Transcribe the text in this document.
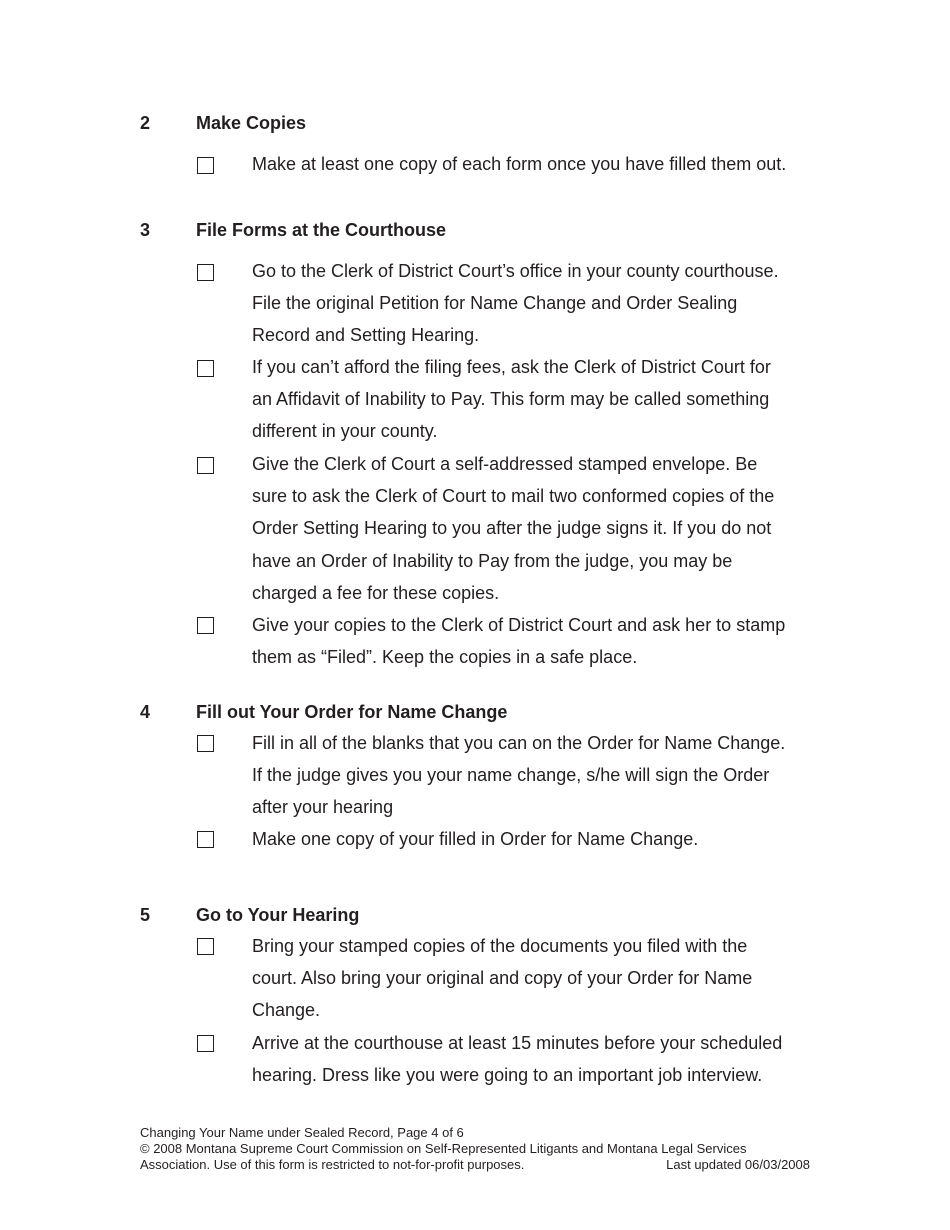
2	Make Copies
Make at least one copy of each form once you have filled them out.
3	File Forms at the Courthouse
Go to the Clerk of District Court’s office in your county courthouse.
File the original Petition for Name Change and Order Sealing
Record and Setting Hearing.
If you can’t afford the filing fees, ask the Clerk of District Court for
an Affidavit of Inability to Pay. This form may be called something
different in your county.
Give the Clerk of Court a self-addressed stamped envelope. Be
sure to ask the Clerk of Court to mail two conformed copies of the
Order Setting Hearing to you after the judge signs it. If you do not
have an Order of Inability to Pay from the judge, you may be
charged a fee for these copies.
Give your copies to the Clerk of District Court and ask her to stamp
them as “Filed”. Keep the copies in a safe place.
4	Fill out Your Order for Name Change
Fill in all of the blanks that you can on the Order for Name Change.
If the judge gives you your name change, s/he will sign the Order
after your hearing
Make one copy of your filled in Order for Name Change.
5	Go to Your Hearing
Bring your stamped copies of the documents you filed with the
court. Also bring your original and copy of your Order for Name
Change.
Arrive at the courthouse at least 15 minutes before your scheduled
hearing. Dress like you were going to an important job interview.
Changing Your Name under Sealed Record, Page 4 of 6
© 2008 Montana Supreme Court Commission on Self-Represented Litigants and Montana Legal Services
Association. Use of this form is restricted to not-for-profit purposes.	Last updated 06/03/2008
